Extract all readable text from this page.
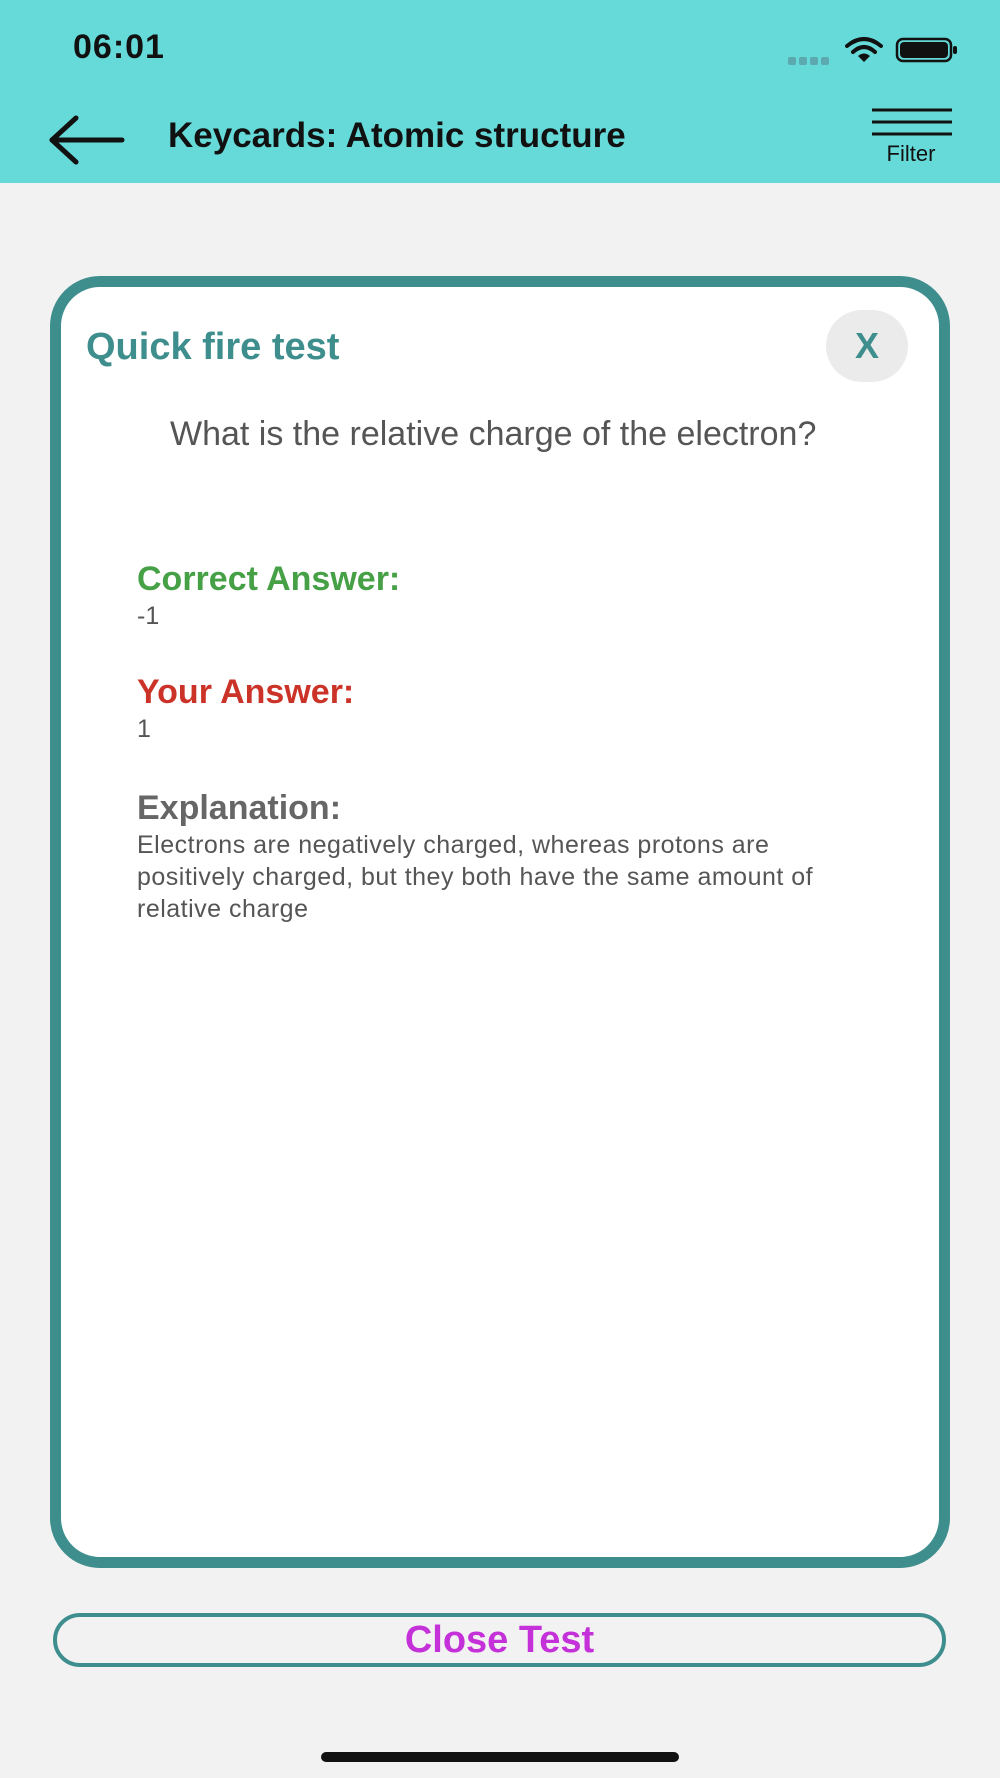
06:01
Keycards: Atomic structure	Filter
Quick fire test	X
What is the relative charge of the electron?
Correct Answer:
-1
Your Answer:
1
Explanation:
Electrons are negatively charged, whereas protons are positively charged, but they both have the same amount of relative charge
Close Test
